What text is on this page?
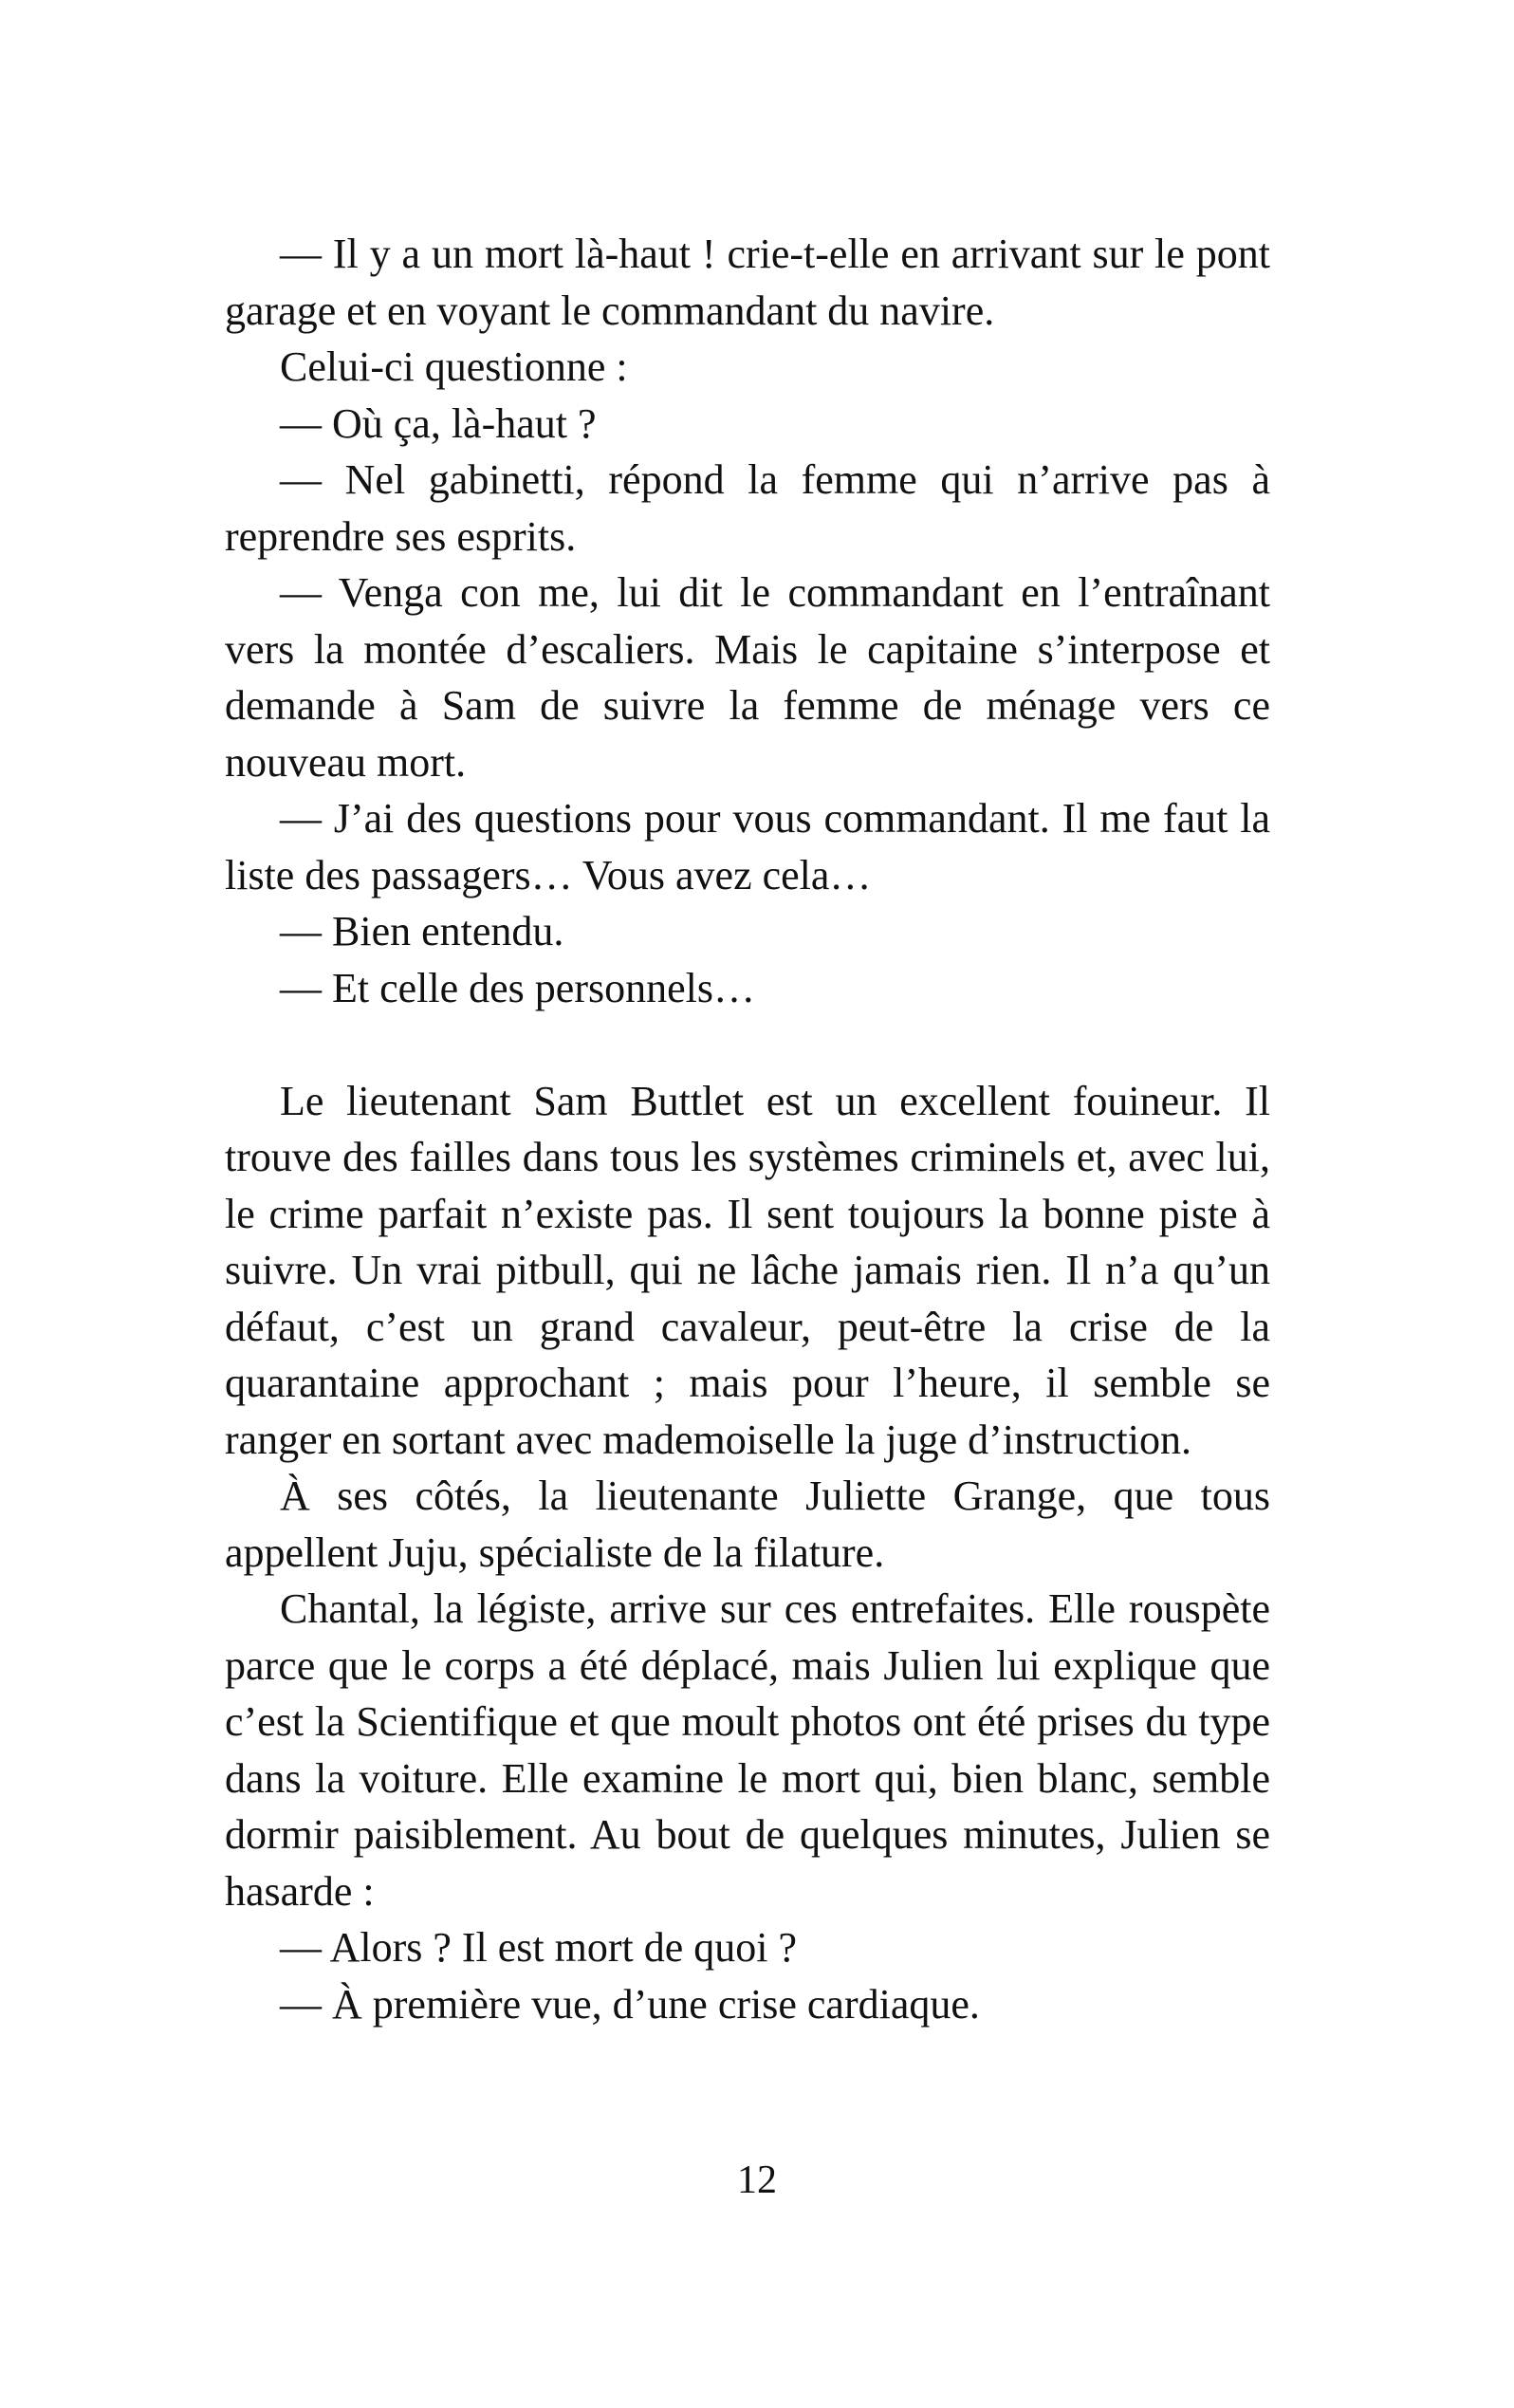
— Il y a un mort là-haut ! crie-t-elle en arrivant sur le pont garage et en voyant le commandant du navire.

Celui-ci questionne :

— Où ça, là-haut ?

— Nel gabinetti, répond la femme qui n’arrive pas à reprendre ses esprits.

— Venga con me, lui dit le commandant en l’entraînant vers la montée d’escaliers. Mais le capitaine s’interpose et demande à Sam de suivre la femme de ménage vers ce nouveau mort.

— J’ai des questions pour vous commandant. Il me faut la liste des passagers… Vous avez cela…

— Bien entendu.

— Et celle des personnels…

Le lieutenant Sam Buttlet est un excellent fouineur. Il trouve des failles dans tous les systèmes criminels et, avec lui, le crime parfait n’existe pas. Il sent toujours la bonne piste à suivre. Un vrai pitbull, qui ne lâche jamais rien. Il n’a qu’un défaut, c’est un grand cavaleur, peut-être la crise de la quarantaine approchant ; mais pour l’heure, il semble se ranger en sortant avec mademoiselle la juge d’instruction.

À ses côtés, la lieutenante Juliette Grange, que tous appellent Juju, spécialiste de la filature.

Chantal, la légiste, arrive sur ces entrefaites. Elle rouspète parce que le corps a été déplacé, mais Julien lui explique que c’est la Scientifique et que moult photos ont été prises du type dans la voiture. Elle examine le mort qui, bien blanc, semble dormir paisiblement. Au bout de quelques minutes, Julien se hasarde :

— Alors ? Il est mort de quoi ?

— À première vue, d’une crise cardiaque.

12
